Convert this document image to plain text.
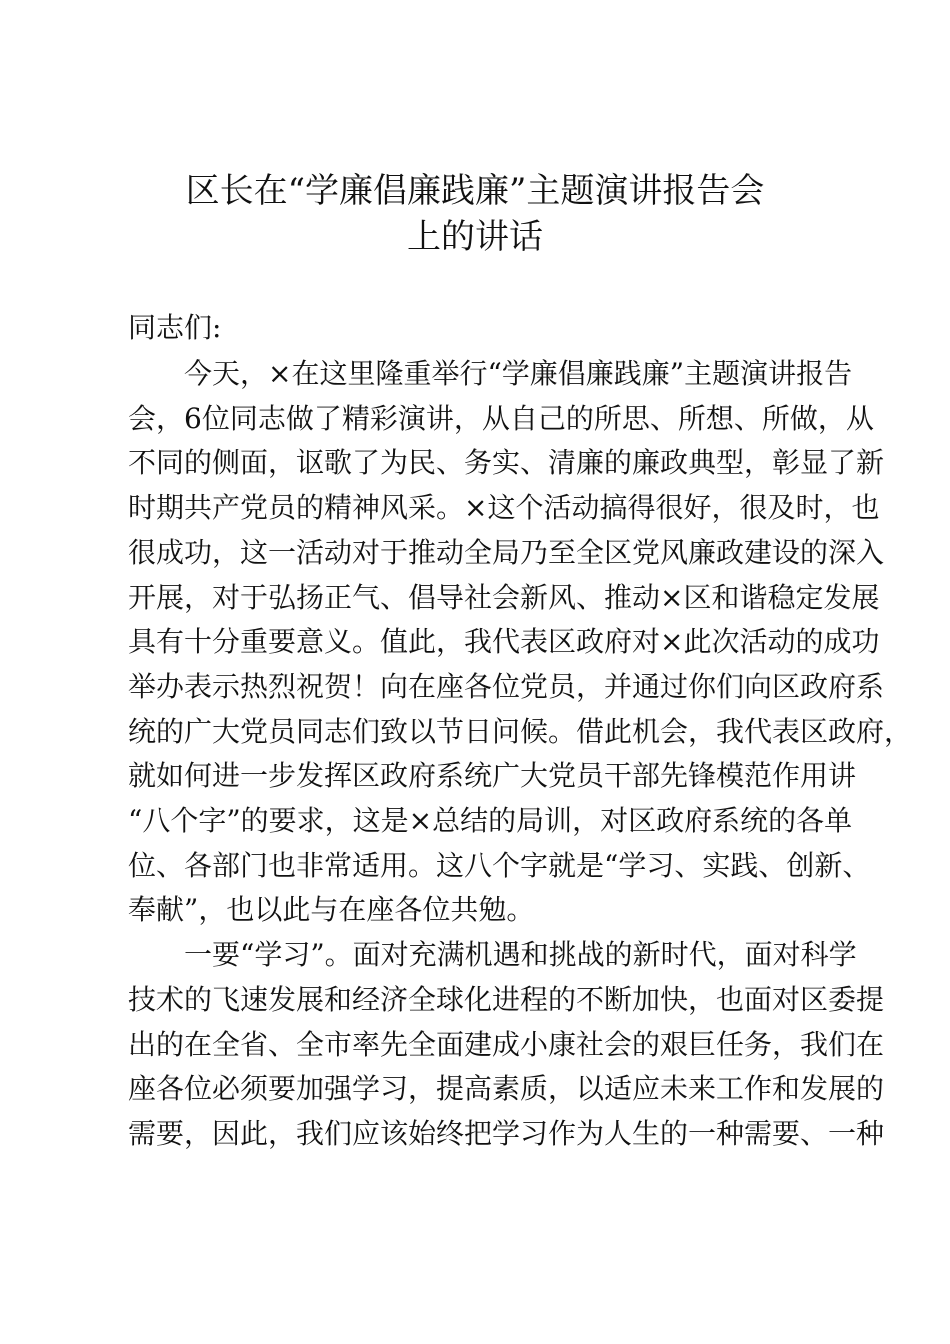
区长在“学廉倡廉践廉”主题演讲报告会
上的讲话
同志们:
　　今天，×在这里隆重举行“学廉倡廉践廉”主题演讲报告
会，6位同志做了精彩演讲，从自己的所思、所想、所做，从
不同的侧面，讴歌了为民、务实、清廉的廉政典型，彰显了新
时期共产党员的精神风采。×这个活动搞得很好，很及时，也
很成功，这一活动对于推动全局乃至全区党风廉政建设的深入
开展，对于弘扬正气、倡导社会新风、推动×区和谐稳定发展
具有十分重要意义。值此，我代表区政府对×此次活动的成功
举办表示热烈祝贺！向在座各位党员，并通过你们向区政府系
统的广大党员同志们致以节日问候。借此机会，我代表区政府，
就如何进一步发挥区政府系统广大党员干部先锋模范作用讲
“八个字”的要求，这是×总结的局训，对区政府系统的各单
位、各部门也非常适用。这八个字就是“学习、实践、创新、
奉献”，也以此与在座各位共勉。
　　一要“学习”。面对充满机遇和挑战的新时代，面对科学
技术的飞速发展和经济全球化进程的不断加快，也面对区委提
出的在全省、全市率先全面建成小康社会的艰巨任务，我们在
座各位必须要加强学习，提高素质，以适应未来工作和发展的
需要，因此，我们应该始终把学习作为人生的一种需要、一种
